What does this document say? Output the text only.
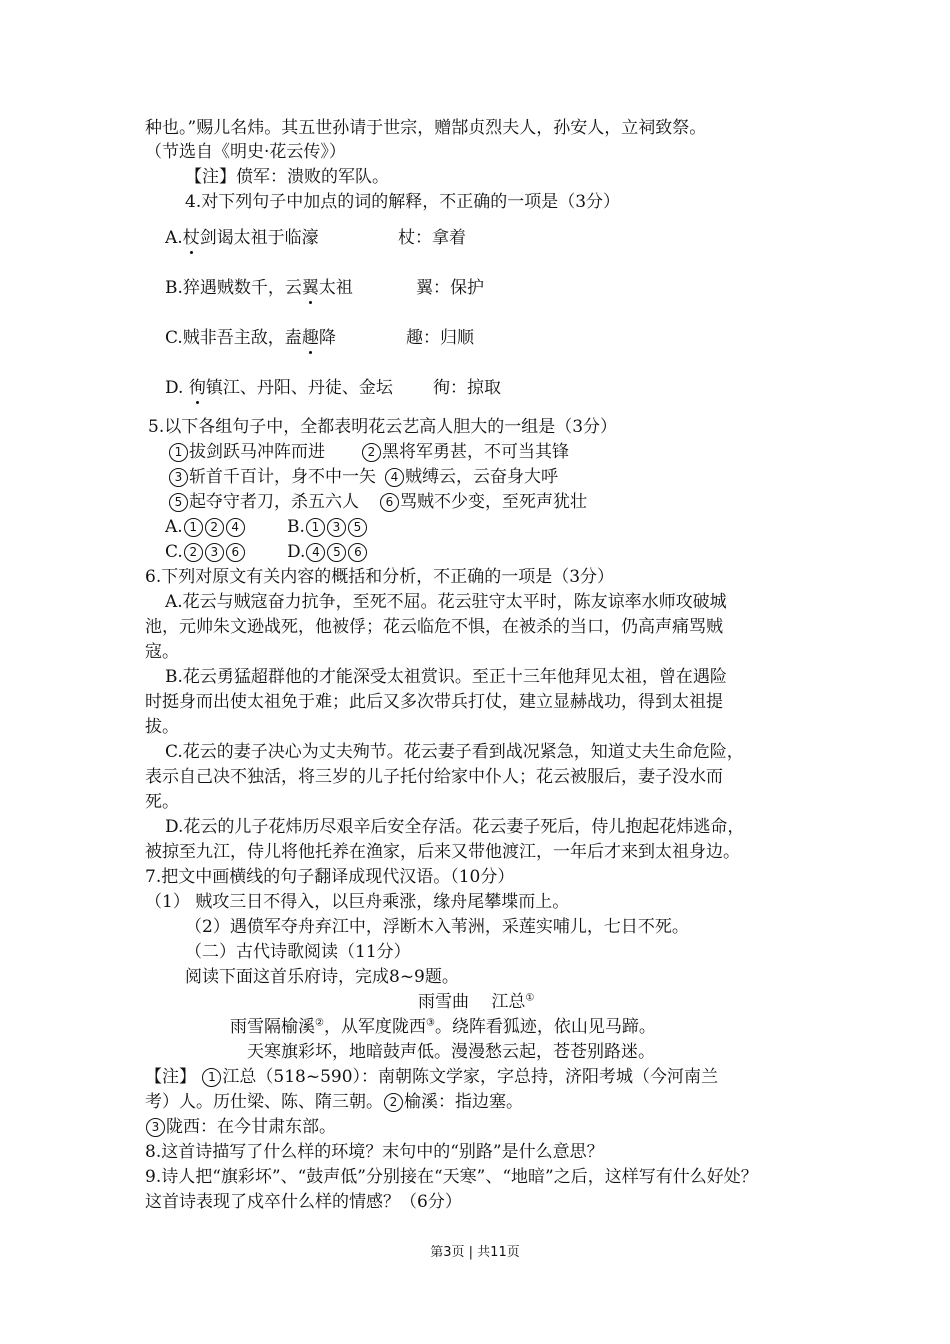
种也。”赐儿名炜。其五世孙请于世宗，赠郜贞烈夫人，孙安人，立祠致祭。
（节选自《明史·花云传》）
【注】偾军：溃败的军队。
4.对下列句子中加点的词的解释，不正确的一项是（3分）
A.杖剑谒太祖于临濠	杖：拿着
B.猝遇贼数千，云翼太祖	翼：保护
C.贼非吾主敌，盍趣降	趣：归顺
D. 徇镇江、丹阳、丹徒、金坛 徇：掠取
5.以下各组句子中，全都表明花云艺高人胆大的一组是（3分）
1 拔剑跃马冲阵而进	2 黑将军勇甚，不可当其锋
3 斩首千百计，身不中一矢 4 贼缚云，云奋身大呼
5 起夺守者刀，杀五六人 6 骂贼不少变，至死声犹壮
A. 1 2 4	B. 1 3 5
C. 2 3 6	D. 4 5 6
6.下列对原文有关内容的概括和分析，不正确的一项是（3分）
A.花云与贼寇奋力抗争，至死不屈。花云驻守太平时，陈友谅率水师攻破城
池，元帅朱文逊战死，他被俘；花云临危不惧，在被杀的当口，仍高声痛骂贼
寇。
B.花云勇猛超群他的才能深受太祖赏识。至正十三年他拜见太祖，曾在遇险
时挺身而出使太祖免于难；此后又多次带兵打仗，建立显赫战功，得到太祖提
拔。
C.花云的妻子决心为丈夫殉节。花云妻子看到战况紧急，知道丈夫生命危险，
表示自己决不独活，将三岁的儿子托付给家中仆人；花云被服后，妻子没水而
死。
D.花云的儿子花炜历尽艰辛后安全存活。花云妻子死后，侍儿抱起花炜逃命，
被掠至九江，侍儿将他托养在渔家，后来又带他渡江，一年后才来到太祖身边。
7.把文中画横线的句子翻译成现代汉语。（10分）
（1） 贼攻三日不得入，以巨舟乘涨，缘舟尾攀堞而上。
（2）遇偾军夺舟弃江中，浮断木入苇洲，采莲实哺儿，七日不死。
（二）古代诗歌阅读（11分）
阅读下面这首乐府诗，完成8~9题。
雨雪曲　 江总①
雨雪隔榆溪②，从军度陇西③。绕阵看狐迹，依山见马蹄。
天寒旗彩坏，地暗鼓声低。漫漫愁云起，苍苍别路迷。
【注】 1 江总（518~590）：南朝陈文学家，字总持，济阳考城（今河南兰
考）人。历仕梁、陈、隋三朝。 2 榆溪：指边塞。
3 陇西：在今甘肃东部。
8.这首诗描写了什么样的环境？末句中的“别路”是什么意思？
9.诗人把“旗彩坏”、“鼓声低”分别接在“天寒”、“地暗”之后，这样写有什么好处？
这首诗表现了戍卒什么样的情感？（6分）
第3页 | 共11页
